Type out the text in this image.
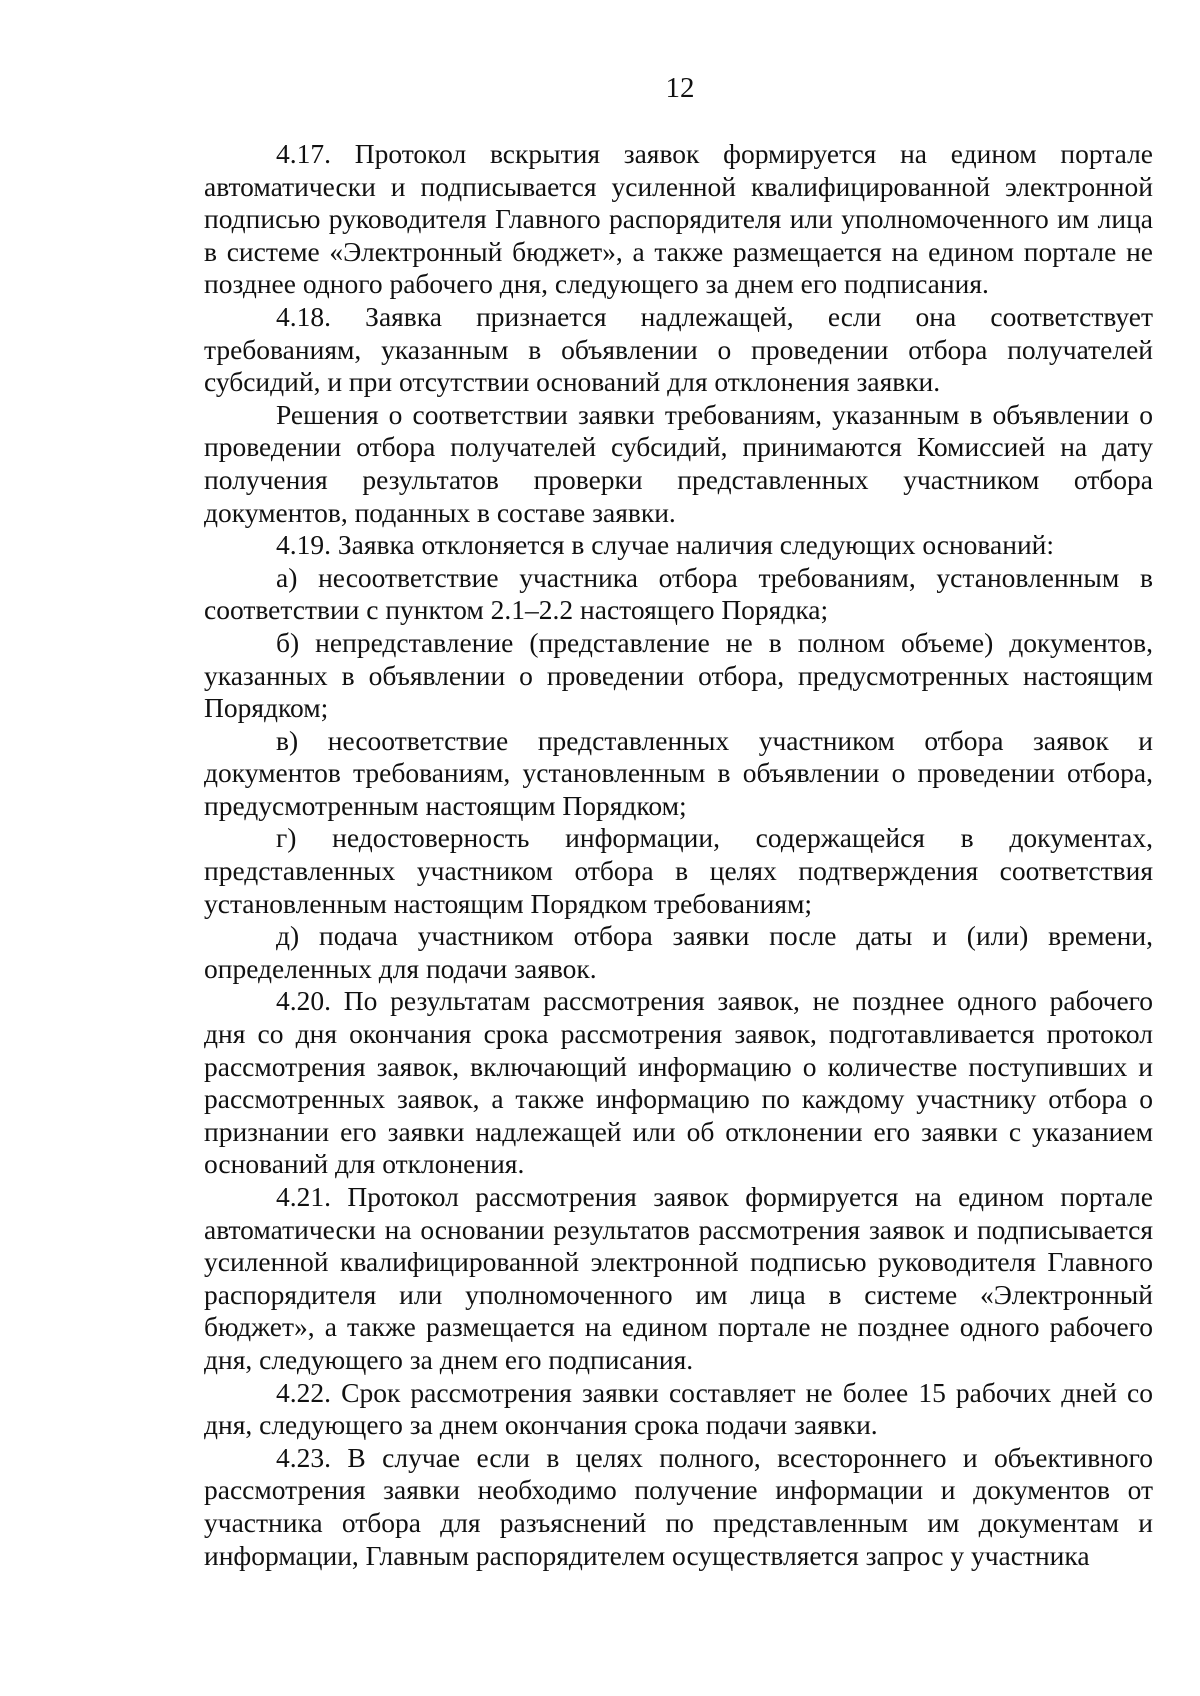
12

4.17. Протокол вскрытия заявок формируется на едином портале автоматически и подписывается усиленной квалифицированной электронной подписью руководителя Главного распорядителя или уполномоченного им лица в системе «Электронный бюджет», а также размещается на едином портале не позднее одного рабочего дня, следующего за днем его подписания.

4.18. Заявка признается надлежащей, если она соответствует требованиям, указанным в объявлении о проведении отбора получателей субсидий, и при отсутствии оснований для отклонения заявки.

Решения о соответствии заявки требованиям, указанным в объявлении о проведении отбора получателей субсидий, принимаются Комиссией на дату получения результатов проверки представленных участником отбора документов, поданных в составе заявки.

4.19. Заявка отклоняется в случае наличия следующих оснований:

а) несоответствие участника отбора требованиям, установленным в соответствии с пунктом 2.1–2.2 настоящего Порядка;

б) непредставление (представление не в полном объеме) документов, указанных в объявлении о проведении отбора, предусмотренных настоящим Порядком;

в) несоответствие представленных участником отбора заявок и документов требованиям, установленным в объявлении о проведении отбора, предусмотренным настоящим Порядком;

г) недостоверность информации, содержащейся в документах, представленных участником отбора в целях подтверждения соответствия установленным настоящим Порядком требованиям;

д) подача участником отбора заявки после даты и (или) времени, определенных для подачи заявок.

4.20. По результатам рассмотрения заявок, не позднее одного рабочего дня со дня окончания срока рассмотрения заявок, подготавливается протокол рассмотрения заявок, включающий информацию о количестве поступивших и рассмотренных заявок, а также информацию по каждому участнику отбора о признании его заявки надлежащей или об отклонении его заявки с указанием оснований для отклонения.

4.21. Протокол рассмотрения заявок формируется на едином портале автоматически на основании результатов рассмотрения заявок и подписывается усиленной квалифицированной электронной подписью руководителя Главного распорядителя или уполномоченного им лица в системе «Электронный бюджет», а также размещается на едином портале не позднее одного рабочего дня, следующего за днем его подписания.

4.22. Срок рассмотрения заявки составляет не более 15 рабочих дней со дня, следующего за днем окончания срока подачи заявки.

4.23. В случае если в целях полного, всестороннего и объективного рассмотрения заявки необходимо получение информации и документов от участника отбора для разъяснений по представленным им документам и информации, Главным распорядителем осуществляется запрос у участника
